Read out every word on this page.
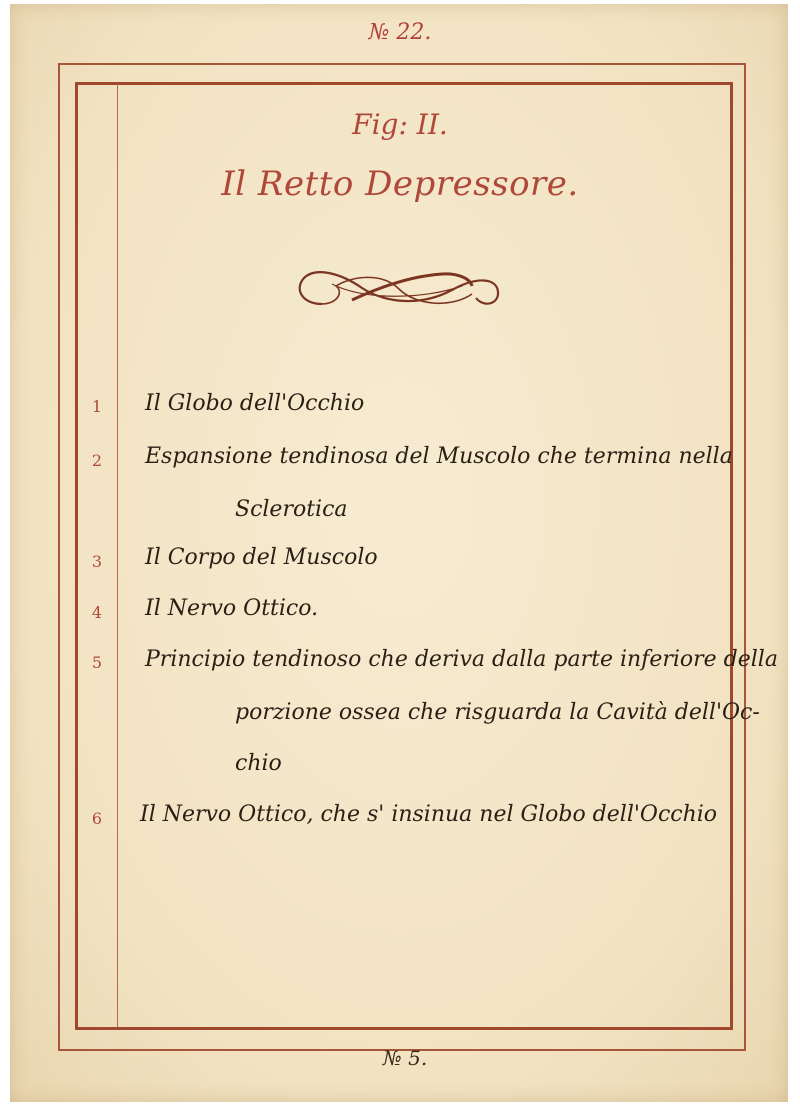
№ 22.
Fig: II.
Il Retto Depressore.
1	Il Globo dell'Occhio
2	Espansione tendinosa del Muscolo che termina nella
Sclerotica
3	Il Corpo del Muscolo
4	Il Nervo Ottico.
5	Principio tendinoso che deriva dalla parte inferiore della
porzione ossea che risguarda la Cavità dell'Oc-
chio
6	Il Nervo Ottico, che s' insinua nel Globo dell'Occhio
№ 5.
